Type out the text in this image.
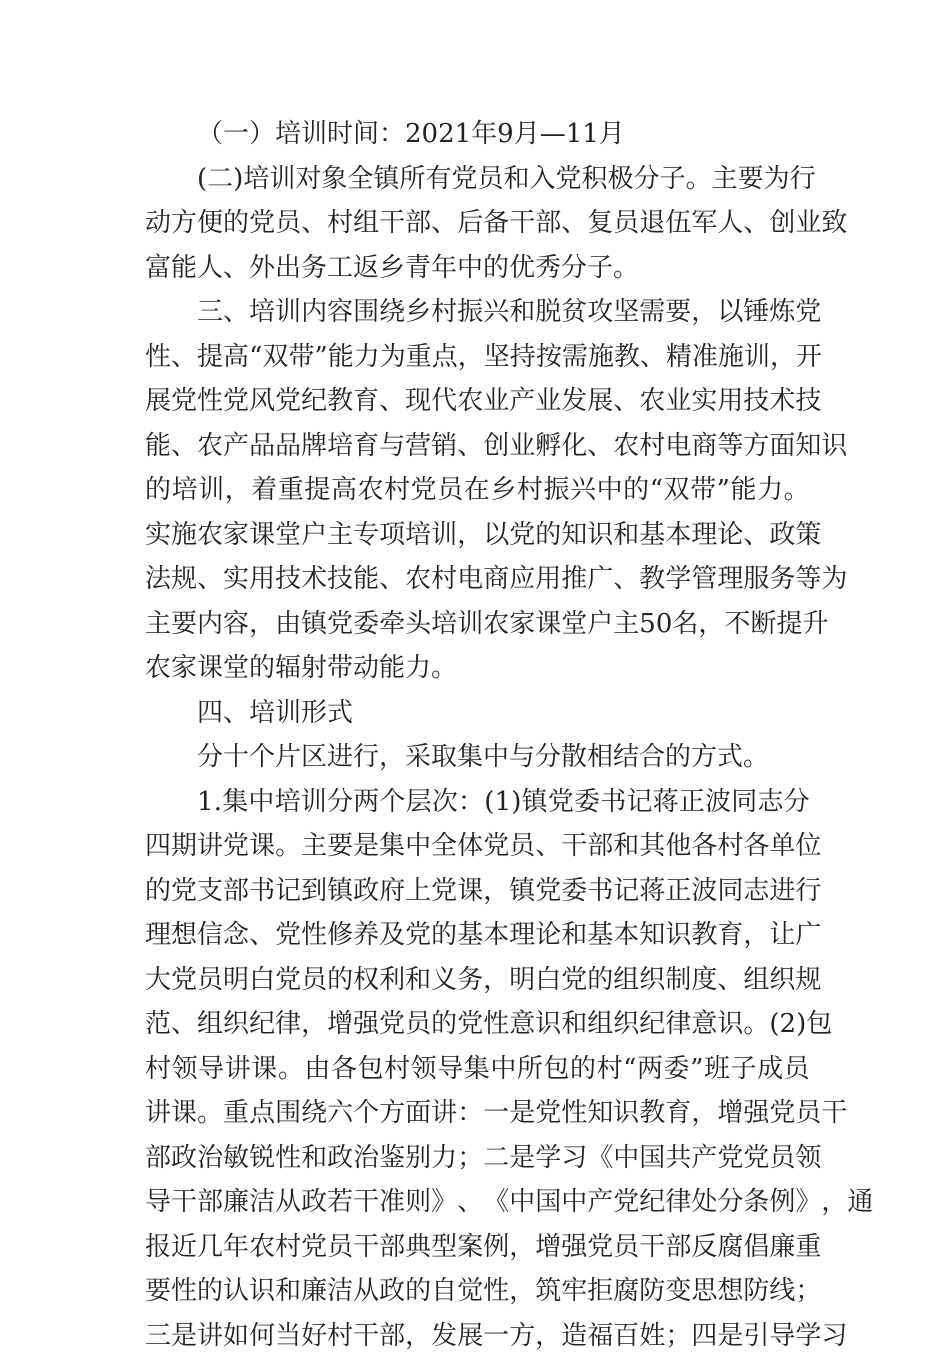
（一）培训时间：2021年9月—11月
( 二 ) 培 训 对 象 全 镇 所 有 党 员 和 入 党 积 极 分 子 。 主 要 为 行
动 方 便 的 党 员 、 村 组 干 部 、 后 备 干 部 、 复 员 退 伍 军 人 、 创 业 致
富能人、外出务工返乡青年中的优秀分子。
三 、 培 训 内 容 围 绕 乡 村 振 兴 和 脱 贫 攻 坚 需 要 ， 以 锤 炼 党
性 、 提 高 “ 双 带 ” 能 力 为 重 点 ， 坚 持 按 需 施 教 、 精 准 施 训 ， 开
展 党 性 党 风 党 纪 教 育 、 现 代 农 业 产 业 发 展 、 农 业 实 用 技 术 技
能 、 农 产 品 品 牌 培 育 与 营 销 、 创 业 孵 化 、 农 村 电 商 等 方 面 知 识
的 培 训 ， 着 重 提 高 农 村 党 员 在 乡 村 振 兴 中 的 “ 双 带 ” 能 力 。
实 施 农 家 课 堂 户 主 专 项 培 训 ， 以 党 的 知 识 和 基 本 理 论 、 政 策
法 规 、 实 用 技 术 技 能 、 农 村 电 商 应 用 推 广 、 教 学 管 理 服 务 等 为
主 要 内 容 ， 由 镇 党 委 牵 头 培 训 农 家 课 堂 户 主 5 0 名 ， 不 断 提 升
农家课堂的辐射带动能力。
四、培训形式
分十个片区进行，采取集中与分散相结合的方式。
1 . 集 中 培 训 分 两 个 层 次 ： ( 1 ) 镇 党 委 书 记 蒋 正 波 同 志 分
四 期 讲 党 课 。 主 要 是 集 中 全 体 党 员 、 干 部 和 其 他 各 村 各 单 位
的 党 支 部 书 记 到 镇 政 府 上 党 课 ， 镇 党 委 书 记 蒋 正 波 同 志 进 行
理 想 信 念 、 党 性 修 养 及 党 的 基 本 理 论 和 基 本 知 识 教 育 ， 让 广
大 党 员 明 白 党 员 的 权 利 和 义 务 ， 明 白 党 的 组 织 制 度 、 组 织 规
范 、 组 织 纪 律 ， 增 强 党 员 的 党 性 意 识 和 组 织 纪 律 意 识 。 ( 2 ) 包
村 领 导 讲 课 。 由 各 包 村 领 导 集 中 所 包 的 村 “ 两 委 ” 班 子 成 员
讲 课 。 重 点 围 绕 六 个 方 面 讲 ： 一 是 党 性 知 识 教 育 ， 增 强 党 员 干
部 政 治 敏 锐 性 和 政 治 鉴 别 力 ； 二 是 学 习 《 中 国 共 产 党 党 员 领
导 干 部 廉 洁 从 政 若 干 准 则 》 、 《 中 国 中 产 党 纪 律 处 分 条 例 》 ， 通
报 近 几 年 农 村 党 员 干 部 典 型 案 例 ， 增 强 党 员 干 部 反 腐 倡 廉 重
要 性 的 认 识 和 廉 洁 从 政 的 自 觉 性 ， 筑 牢 拒 腐 防 变 思 想 防 线 ；
三 是 讲 如 何 当 好 村 干 部 ， 发 展 一 方 ， 造 福 百 姓 ； 四 是 引 导 学 习
